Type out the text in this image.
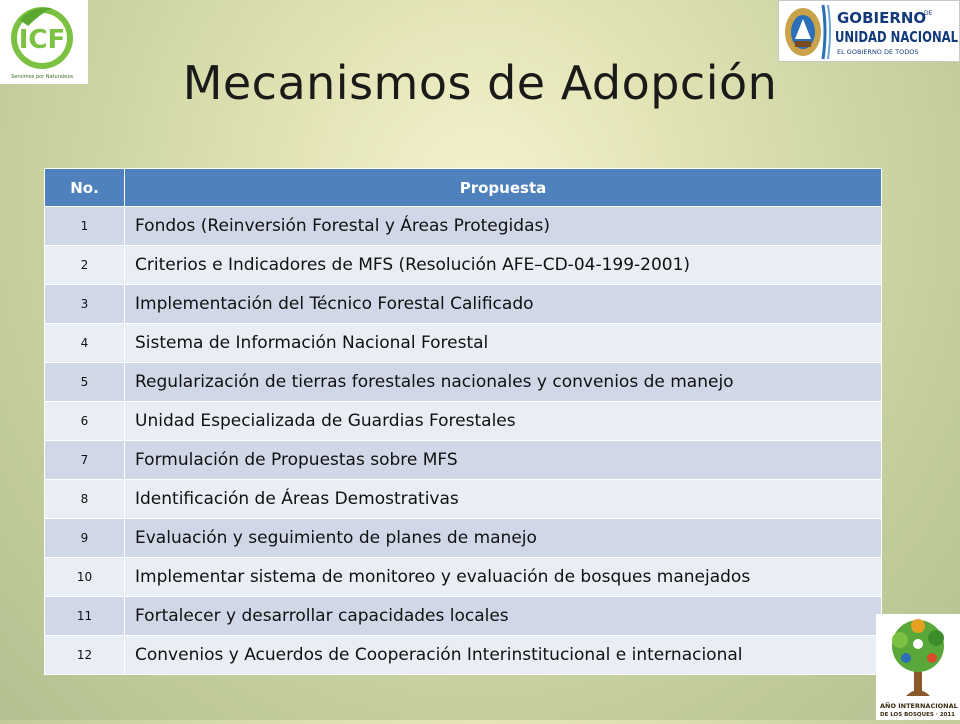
ICF
Servimos por Naturaleza
GOBIERNO
DE
UNIDAD NACIONAL
EL GOBIERNO DE TODOS
Mecanismos de Adopción
No.	Propuesta
1	Fondos (Reinversión Forestal y Áreas Protegidas)
2	Criterios e Indicadores de MFS (Resolución AFE–CD-04-199-2001)
3	Implementación del Técnico Forestal Calificado
4	Sistema de Información Nacional Forestal
5	Regularización de tierras forestales nacionales y convenios de manejo
6	Unidad Especializada de Guardias Forestales
7	Formulación de Propuestas sobre MFS
8	Identificación de Áreas Demostrativas
9	Evaluación y seguimiento de planes de manejo
10	Implementar sistema de monitoreo y evaluación de bosques manejados
11	Fortalecer y desarrollar capacidades locales
12	Convenios y Acuerdos de Cooperación Interinstitucional e internacional
AÑO INTERNACIONAL
DE LOS BOSQUES · 2011
